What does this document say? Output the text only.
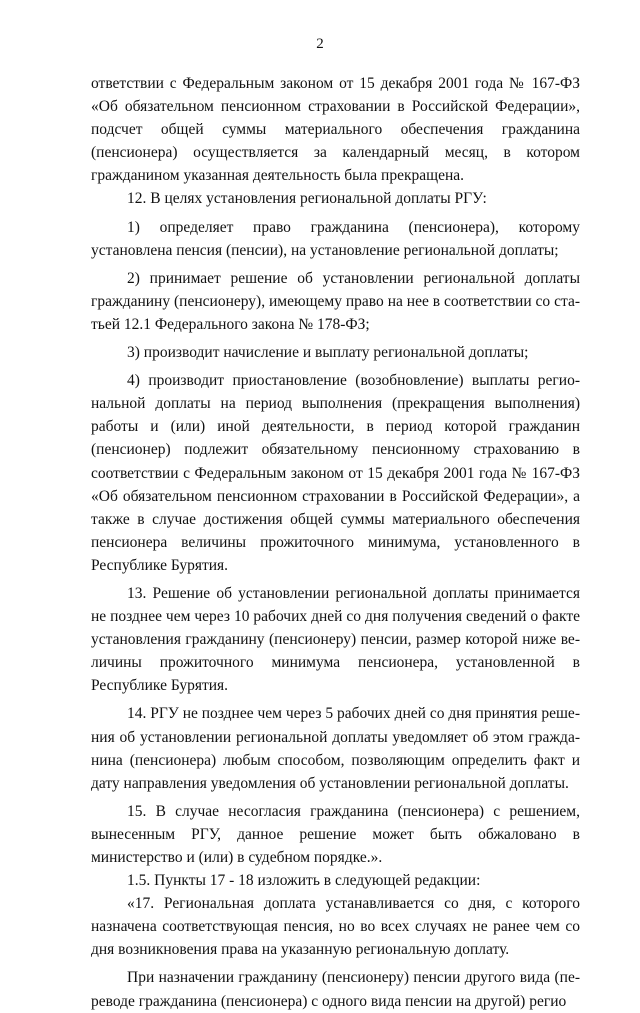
2

ответствии с Федеральным законом от 15 декабря 2001 года № 167-ФЗ «Об обязательном пенсионном страховании в Российской Федерации», подсчет общей суммы материального обеспечения гражданина (пенсионера) осуществляется за календарный месяц, в котором гражданином указанная деятельность была прекращена.

12. В целях установления региональной доплаты РГУ:

1) определяет право гражданина (пенсионера), которому установлена пенсия (пенсии), на установление региональной доплаты;

2) принимает решение об установлении региональной доплаты гражданину (пенсионеру), имеющему право на нее в соответствии со статьей 12.1 Федерального закона № 178-ФЗ;

3) производит начисление и выплату региональной доплаты;

4) производит приостановление (возобновление) выплаты региональной доплаты на период выполнения (прекращения выполнения) работы и (или) иной деятельности, в период которой гражданин (пенсионер) подлежит обязательному пенсионному страхованию в соответствии с Федеральным законом от 15 декабря 2001 года № 167-ФЗ «Об обязательном пенсионном страховании в Российской Федерации», а также в случае достижения общей суммы материального обеспечения пенсионера величины прожиточного минимума, установленного в Республике Бурятия.

13. Решение об установлении региональной доплаты принимается не позднее чем через 10 рабочих дней со дня получения сведений о факте установления гражданину (пенсионеру) пенсии, размер которой ниже величины прожиточного минимума пенсионера, установленной в Республике Бурятия.

14. РГУ не позднее чем через 5 рабочих дней со дня принятия решения об установлении региональной доплаты уведомляет об этом гражданина (пенсионера) любым способом, позволяющим определить факт и дату направления уведомления об установлении региональной доплаты.

15. В случае несогласия гражданина (пенсионера) с решением, вынесенным РГУ, данное решение может быть обжаловано в министерство и (или) в судебном порядке.».

1.5. Пункты 17 - 18 изложить в следующей редакции:

«17. Региональная доплата устанавливается со дня, с которого назначена соответствующая пенсия, но во всех случаях не ранее чем со дня возникновения права на указанную региональную доплату.

При назначении гражданину (пенсионеру) пенсии другого вида (переводе гражданина (пенсионера) с одного вида пенсии на другой) регио
